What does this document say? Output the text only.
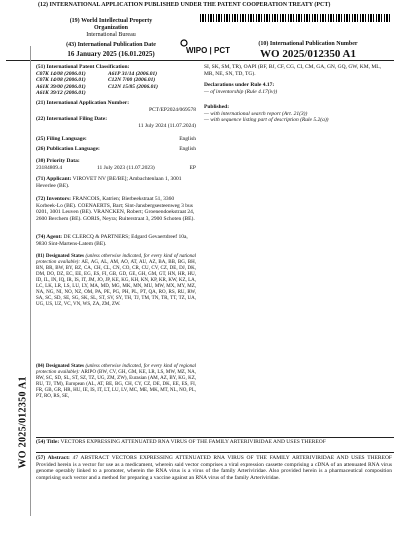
(12) INTERNATIONAL APPLICATION PUBLISHED UNDER THE PATENT COOPERATION TREATY (PCT)
(19) World Intellectual Property
Organization
International Bureau
(43) International Publication Date
16 January 2025 (16.01.2025)	WIPO | PCT
(10) International Publication Number
WO 2025/012350 A1
WO 2025/012350 A1
(51) International Patent Classification:
C07K 14/08 (2006.01)	A61P 31/14 (2006.01)
C07K 14/08 (2006.01)	C12N 7/00 (2006.01)
A61K 39/00 (2006.01)	C12N 15/85 (2006.01)
A61K 39/12 (2006.01)
(21) International Application Number:
PCT/EP2024/069578
(22) International Filing Date:
11 July 2024 (11.07.2024)
(25) Filing Language:	English
(26) Publication Language:	English
(30) Priority Data:
23184809.4	11 July 2023 (11.07.2023)	EP
(71) Applicant: VIROVET NV [BE/BE]; Ambachtenlaan 1, 3001 Heverlee (BE).
(72) Inventors: FRANCOIS, Katrien; Bierbeekstraat 51, 3360 Korbeek-Lo (BE). COENAERTS, Bart; Sint-Jansbergsesteenweg 3 bus 0201, 3001 Leuven (BE). VRANCKEN, Robert; Groenendoekstraat 24, 2600 Berchem (BE). GORIS, Neyra; Ruiterstraat 3, 2900 Schoten (BE).
(74) Agent: DE CLERCQ & PARTNERS; Edgard Gevaertdreef 10a, 9830 Sint-Martens-Latem (BE).
(81) Designated States (unless otherwise indicated, for every kind of national protection available): AE, AG, AL, AM, AO, AT, AU, AZ, BA, BB, BG, BH, BN, BR, BW, BY, BZ, CA, CH, CL, CN, CO, CR, CU, CV, CZ, DE, DJ, DK, DM, DO, DZ, EC, EE, EG, ES, FI, GB, GD, GE, GH, GM, GT, HN, HR, HU, ID, IL, IN, IQ, IR, IS, IT, JM, JO, JP, KE, KG, KH, KN, KP, KR, KW, KZ, LA, LC, LK, LR, LS, LU, LY, MA, MD, MG, MK, MN, MU, MW, MX, MY, MZ, NA, NG, NI, NO, NZ, OM, PA, PE, PG, PH, PL, PT, QA, RO, RS, RU, RW, SA, SC, SD, SE, SG, SK, SL, ST, SV, SY, TH, TJ, TM, TN, TR, TT, TZ, UA, UG, US, UZ, VC, VN, WS, ZA, ZM, ZW.
(84) Designated States (unless otherwise indicated, for every kind of regional protection available): ARIPO (BW, CV, GH, GM, KE, LR, LS, MW, MZ, NA, RW, SC, SD, SL, ST, SZ, TZ, UG, ZM, ZW), Eurasian (AM, AZ, BY, KG, KZ, RU, TJ, TM), European (AL, AT, BE, BG, CH, CY, CZ, DE, DK, EE, ES, FI, FR, GB, GR, HR, HU, IE, IS, IT, LT, LU, LV, MC, ME, MK, MT, NL, NO, PL, PT, RO, RS, SE,
SI, SK, SM, TR), OAPI (BF, BJ, CF, CG, CI, CM, GA, GN, GQ, GW, KM, ML, MR, NE, SN, TD, TG).
Declarations under Rule 4.17:
— of inventorship (Rule 4.17(iv))
Published:
— with international search report (Art. 21(3))
— with sequence listing part of description (Rule 5.2(a))
(54) Title: VECTORS EXPRESSING ATTENUATED RNA VIRUS OF THE FAMILY ARTERIVIRIDAE AND USES THEREOF
(57) Abstract: 47 ABSTRACT VECTORS EXPRESSING ATTENUATED RNA VIRUS OF THE FAMILY ARTERIVIRIDAE AND USES THEREOF Provided herein is a vector for use as a medicament, wherein said vector comprises a viral expression cassette comprising a cDNA of an attenuated RNA virus genome operably linked to a promoter, wherein the RNA virus is a virus of the family Arteriviridae. Also provided herein is a pharmaceutical composition comprising such vector and a method for preparing a vaccine against an RNA virus of the family Arteriviridae.
